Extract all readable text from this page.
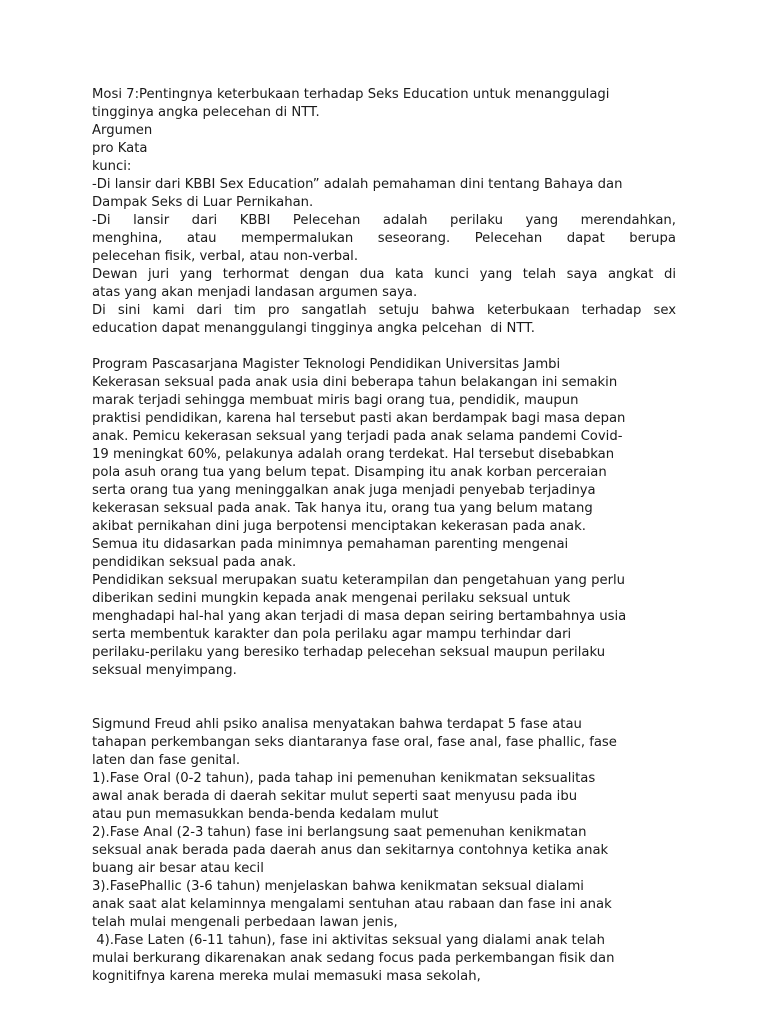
Mosi 7:Pentingnya keterbukaan terhadap Seks Education untuk menanggulagi
tingginya angka pelecehan di NTT.
Argumen
pro Kata
kunci:
-Di lansir dari KBBI Sex Education” adalah pemahaman dini tentang Bahaya dan
Dampak Seks di Luar Pernikahan.
-Di lansir dari KBBI Pelecehan adalah perilaku yang merendahkan,
menghina, atau mempermalukan seseorang. Pelecehan dapat berupa
pelecehan fisik, verbal, atau non-verbal.
Dewan juri yang terhormat dengan dua kata kunci yang telah saya angkat di
atas yang akan menjadi landasan argumen saya.
Di sini kami dari tim pro sangatlah setuju bahwa keterbukaan terhadap sex
education dapat menanggulangi tingginya angka pelcehan  di NTT.
Program Pascasarjana Magister Teknologi Pendidikan Universitas Jambi
Kekerasan seksual pada anak usia dini beberapa tahun belakangan ini semakin
marak terjadi sehingga membuat miris bagi orang tua, pendidik, maupun
praktisi pendidikan, karena hal tersebut pasti akan berdampak bagi masa depan
anak. Pemicu kekerasan seksual yang terjadi pada anak selama pandemi Covid-
19 meningkat 60%, pelakunya adalah orang terdekat. Hal tersebut disebabkan
pola asuh orang tua yang belum tepat. Disamping itu anak korban perceraian
serta orang tua yang meninggalkan anak juga menjadi penyebab terjadinya
kekerasan seksual pada anak. Tak hanya itu, orang tua yang belum matang
akibat pernikahan dini juga berpotensi menciptakan kekerasan pada anak.
Semua itu didasarkan pada minimnya pemahaman parenting mengenai
pendidikan seksual pada anak.
Pendidikan seksual merupakan suatu keterampilan dan pengetahuan yang perlu
diberikan sedini mungkin kepada anak mengenai perilaku seksual untuk
menghadapi hal-hal yang akan terjadi di masa depan seiring bertambahnya usia
serta membentuk karakter dan pola perilaku agar mampu terhindar dari
perilaku-perilaku yang beresiko terhadap pelecehan seksual maupun perilaku
seksual menyimpang.
Sigmund Freud ahli psiko analisa menyatakan bahwa terdapat 5 fase atau
tahapan perkembangan seks diantaranya fase oral, fase anal, fase phallic, fase
laten dan fase genital.
1).Fase Oral (0-2 tahun), pada tahap ini pemenuhan kenikmatan seksualitas
awal anak berada di daerah sekitar mulut seperti saat menyusu pada ibu
atau pun memasukkan benda-benda kedalam mulut
2).Fase Anal (2-3 tahun) fase ini berlangsung saat pemenuhan kenikmatan
seksual anak berada pada daerah anus dan sekitarnya contohnya ketika anak
buang air besar atau kecil
3).FasePhallic (3-6 tahun) menjelaskan bahwa kenikmatan seksual dialami
anak saat alat kelaminnya mengalami sentuhan atau rabaan dan fase ini anak
telah mulai mengenali perbedaan lawan jenis,
4).Fase Laten (6-11 tahun), fase ini aktivitas seksual yang dialami anak telah
mulai berkurang dikarenakan anak sedang focus pada perkembangan fisik dan
kognitifnya karena mereka mulai memasuki masa sekolah,
